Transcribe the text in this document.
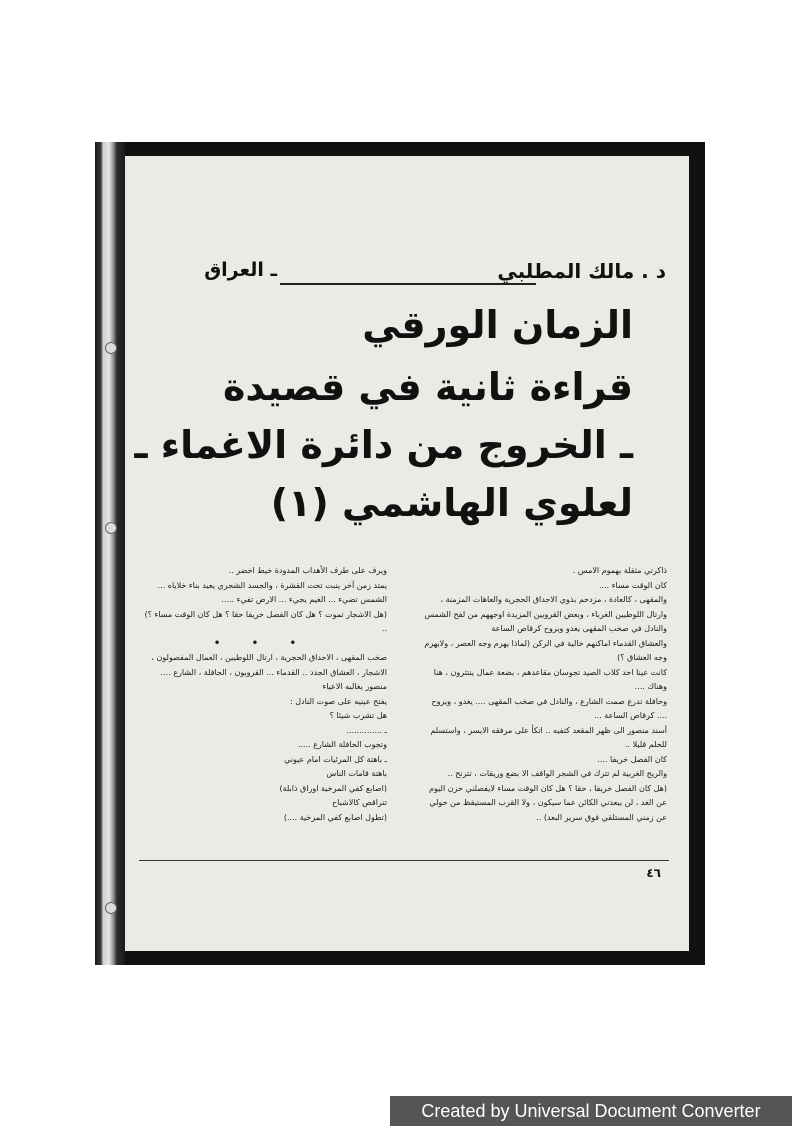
د . مالك المطلبي
ـ العراق
الزمان الورقي
قراءة ثانية في قصيدة
ـ الخروج من دائرة الاغماء ـ
لعلوي الهاشمي (١)

ذاكرتي مثقلة بهموم الامس .

كان الوقت مساء ....

والمقهى ، كالعادة ، مزدحم بذوي الاحداق الحجرية والعاهات المزمنة ، وارتال اللوطيين الغرباء ، وبعض القرويين المزيدة اوجههم من لفح الشمس والنادل في صخب المقهى يغدو ويروح كرقاص الساعة

والعشاق القدماء اماكنهم خالية في الركن (لماذا يهرم وجه العصر ، ولايهرم وجه العشاق ؟)

كانت عينا احد كلاب الصيد تجوسان مقاعدهم ، بضعة عمال ينتثرون ، هنا وهناك ....

وحافلة تدرع صمت الشارع ، والنادل في صخب المقهى .... يغدو ، ويروح .... كرقاص الساعة ...

أسند منصور الى ظهر المقعد كتفيه .. اتكأ على مرفقه الايسر ، واستسلم للحلم قليلا ..

كان الفصل خريفا ....

والريح الغربية لم تترك في الشجر الواقف الا بضع وريقات ، تترنح ..

(هل كان الفصل خريفا ، حقا ؟ هل كان الوقت مساء لايفصلني حزن اليوم عن الغد ، لن يبعدني الكائن عما سيكون ، ولا القرب المستيقظ من حولي عن زمني المستلقي فوق سرير البعد) ..

ويرف على طرف الأهداب المدودة خيط اخضر ..

يمتد زمن آخر ينبت تحت القشرة ، والجسد الشجري يعيد بناء خلاياه ...

الشمس تضيء ... الغيم يجيء ... الارض تفيء .....

(هل الاشجار تموت ؟ هل كان الفصل خريفا حقا ؟ هل كان الوقت مساء ؟) ..

• • •

صخب المقهى ، الاحداق الحجرية ، ارتال اللوطيين ، العمال المفصولون ، الاشجار ، العشاق الجدد .. القدماء ... القرويون ، الحافلة ، الشارع ....

منصور يغالبه الاعياء

يفتح عينيه على صوت النادل :

هل تشرب شيئا ؟

ـ ..............

وتجوب الحافلة الشارع .....

ـ باهتة كل المرئيات امام عيوني

باهتة قامات الناس

(اصابع كفي المرخية اوراق ذابلة)

تتراقص كالاشباح

(تطول اصابع كفي المرخية ....)

٤٦
Created by Universal Document Converter
